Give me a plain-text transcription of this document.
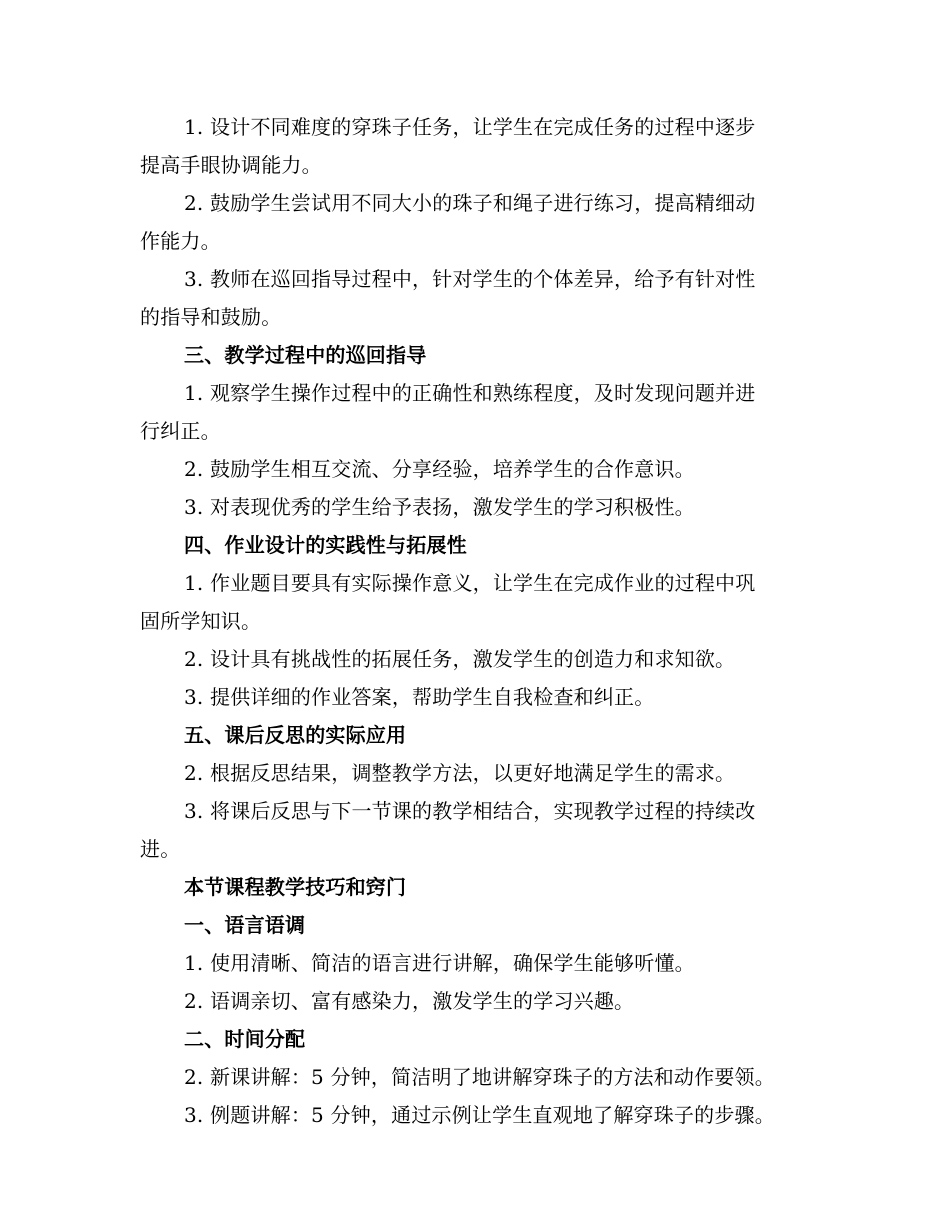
1. 设计不同难度的穿珠子任务，让学生在完成任务的过程中逐步
提高手眼协调能力。
2. 鼓励学生尝试用不同大小的珠子和绳子进行练习，提高精细动
作能力。
3. 教师在巡回指导过程中，针对学生的个体差异，给予有针对性
的指导和鼓励。
三、教学过程中的巡回指导
1. 观察学生操作过程中的正确性和熟练程度，及时发现问题并进
行纠正。
2. 鼓励学生相互交流、分享经验，培养学生的合作意识。
3. 对表现优秀的学生给予表扬，激发学生的学习积极性。
四、作业设计的实践性与拓展性
1. 作业题目要具有实际操作意义，让学生在完成作业的过程中巩
固所学知识。
2. 设计具有挑战性的拓展任务，激发学生的创造力和求知欲。
3. 提供详细的作业答案，帮助学生自我检查和纠正。
五、课后反思的实际应用
2. 根据反思结果，调整教学方法，以更好地满足学生的需求。
3. 将课后反思与下一节课的教学相结合，实现教学过程的持续改
进。
本节课程教学技巧和窍门
一、语言语调
1. 使用清晰、简洁的语言进行讲解，确保学生能够听懂。
2. 语调亲切、富有感染力，激发学生的学习兴趣。
二、时间分配
2. 新课讲解：5 分钟，简洁明了地讲解穿珠子的方法和动作要领。
3. 例题讲解：5 分钟，通过示例让学生直观地了解穿珠子的步骤。
